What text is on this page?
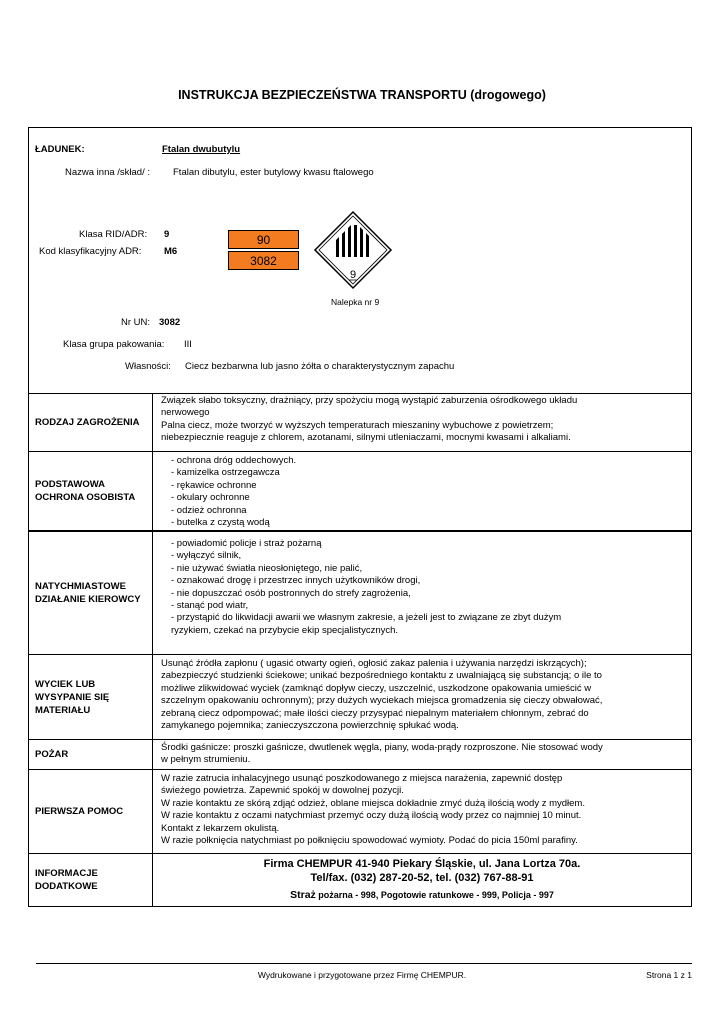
INSTRUKCJA BEZPIECZEŃSTWA TRANSPORTU (drogowego)
ŁADUNEK:	Ftalan dwubutylu
Nazwa inna /skład/ : Ftalan dibutylu, ester butylowy kwasu ftalowego
Klasa RID/ADR: 9
Kod klasyfikacyjny ADR: M6
90
3082
9
Nalepka nr 9
Nr UN: 3082
Klasa grupa pakowania: III
Własności: Ciecz bezbarwna lub jasno żółta o charakterystycznym zapachu
RODZAJ ZAGROŻENIA
Związek słabo toksyczny, drażniący, przy spożyciu mogą wystąpić zaburzenia ośrodkowego układu
nerwowego
Palna ciecz, może tworzyć w wyższych temperaturach mieszaniny wybuchowe z powietrzem;
niebezpiecznie reaguje z chlorem, azotanami, silnymi utleniaczami, mocnymi kwasami i alkaliami.
PODSTAWOWA OCHRONA OSOBISTA
- ochrona dróg oddechowych.
- kamizelka ostrzegawcza
- rękawice ochronne
- okulary ochronne
- odzież ochronna
- butelka z czystą wodą
NATYCHMIASTOWE DZIAŁANIE KIEROWCY
- powiadomić policje i straż pożarną
- wyłączyć silnik,
- nie używać światła nieosłoniętego, nie palić,
- oznakować drogę i przestrzec innych użytkowników drogi,
- nie dopuszczać osób postronnych do strefy zagrożenia,
- stanąć pod wiatr,
- przystąpić do likwidacji awarii we własnym zakresie, a jeżeli jest to związane ze zbyt dużym
ryzykiem, czekać na przybycie ekip specjalistycznych.
WYCIEK LUB WYSYPANIE SIĘ MATERIAŁU
Usunąć źródła zapłonu ( ugasić otwarty ogień, ogłosić zakaz palenia i używania narzędzi iskrzących);
zabezpieczyć studzienki ściekowe; unikać bezpośredniego kontaktu z uwalniającą się substancją; o ile to
możliwe zlikwidować wyciek (zamknąć dopływ cieczy, uszczelnić, uszkodzone opakowania umieścić w
szczelnym opakowaniu ochronnym); przy dużych wyciekach miejsca gromadzenia się cieczy obwałować,
zebraną ciecz odpompować; małe ilości cieczy przysypać niepalnym materiałem chłonnym, zebrać do
zamykanego pojemnika; zanieczyszczona powierzchnię spłukać wodą.
POŻAR
Środki gaśnicze: proszki gaśnicze, dwutlenek węgla, piany, woda-prądy rozproszone. Nie stosować wody
w pełnym strumieniu.
PIERWSZA POMOC
W razie zatrucia inhalacyjnego usunąć poszkodowanego z miejsca narażenia, zapewnić dostęp
świeżego powietrza. Zapewnić spokój w dowolnej pozycji.
W razie kontaktu ze skórą zdjąć odzież, oblane miejsca dokładnie zmyć dużą ilością wody z mydłem.
W razie kontaktu z oczami natychmiast przemyć oczy dużą ilością wody przez co najmniej 10 minut.
Kontakt z lekarzem okulistą.
W razie połknięcia natychmiast po połknięciu spowodować wymioty. Podać do picia 150ml parafiny.
INFORMACJE DODATKOWE
Firma CHEMPUR 41-940 Piekary Śląskie, ul. Jana Lortza 70a.
Tel/fax. (032) 287-20-52, tel. (032) 767-88-91
Straż pożarna - 998, Pogotowie ratunkowe - 999, Policja - 997
Wydrukowane i przygotowane przez Firmę CHEMPUR.	Strona 1 z 1
